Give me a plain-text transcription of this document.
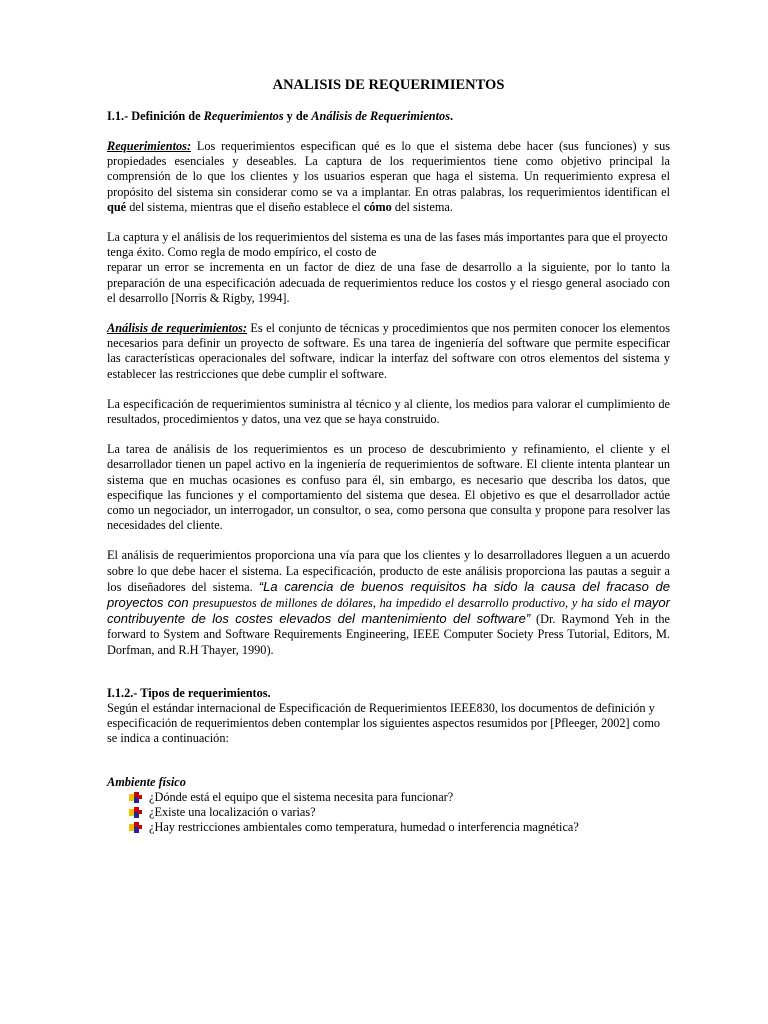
ANALISIS DE REQUERIMIENTOS
I.1.- Definición de Requerimientos y de Análisis de Requerimientos.

Requerimientos: Los requerimientos especifican qué es lo que el sistema debe hacer (sus funciones) y sus propiedades esenciales y deseables. La captura de los requerimientos tiene como objetivo principal la comprensión de lo que los clientes y los usuarios esperan que haga el sistema. Un requerimiento expresa el propósito del sistema sin considerar como se va a implantar. En otras palabras, los requerimientos identifican el qué del sistema, mientras que el diseño establece el cómo del sistema.

La captura y el análisis de los requerimientos del sistema es una de las fases más importantes para que el proyecto tenga éxito. Como regla de modo empírico, el costo de

reparar un error se incrementa en un factor de diez de una fase de desarrollo a la siguiente, por lo tanto la preparación de una especificación adecuada de requerimientos reduce los costos y el riesgo general asociado con el desarrollo [Norris & Rigby, 1994].

Análisis de requerimientos: Es el conjunto de técnicas y procedimientos que nos permiten conocer los elementos necesarios para definir un proyecto de software. Es una tarea de ingeniería del software que permite especificar las características operacionales del software, indicar la interfaz del software con otros elementos del sistema y establecer las restricciones que debe cumplir el software.

La especificación de requerimientos suministra al técnico y al cliente, los medios para valorar el cumplimiento de resultados, procedimientos y datos, una vez que se haya construido.

La tarea de análisis de los requerimientos es un proceso de descubrimiento y refinamiento, el cliente y el desarrollador tienen un papel activo en la ingeniería de requerimientos de software. El cliente intenta plantear un sistema que en muchas ocasiones es confuso para él, sin embargo, es necesario que describa los datos, que especifique las funciones y el comportamiento del sistema que desea. El objetivo es que el desarrollador actúe como un negociador, un interrogador, un consultor, o sea, como persona que consulta y propone para resolver las necesidades del cliente.

El análisis de requerimientos proporciona una vía para que los clientes y lo desarrolladores lleguen a un acuerdo sobre lo que debe hacer el sistema. La especificación, producto de este análisis proporciona las pautas a seguir a los diseñadores del sistema. “La carencia de buenos requisitos ha sido la causa del fracaso de proyectos con presupuestos de millones de dólares, ha impedido el desarrollo productivo, y ha sido el mayor contribuyente de los costes elevados del mantenimiento del software” (Dr. Raymond Yeh in the forward to System and Software Requirements Engineering, IEEE Computer Society Press Tutorial, Editors, M. Dorfman, and R.H Thayer, 1990).

I.1.2.- Tipos de requerimientos.

Según el estándar internacional de Especificación de Requerimientos IEEE830, los documentos de definición y especificación de requerimientos deben contemplar los siguientes aspectos resumidos por [Pfleeger, 2002] como se indica a continuación:

Ambiente físico

¿Dónde está el equipo que el sistema necesita para funcionar?
¿Existe una localización o varias?
¿Hay restricciones ambientales como temperatura, humedad o interferencia magnética?
